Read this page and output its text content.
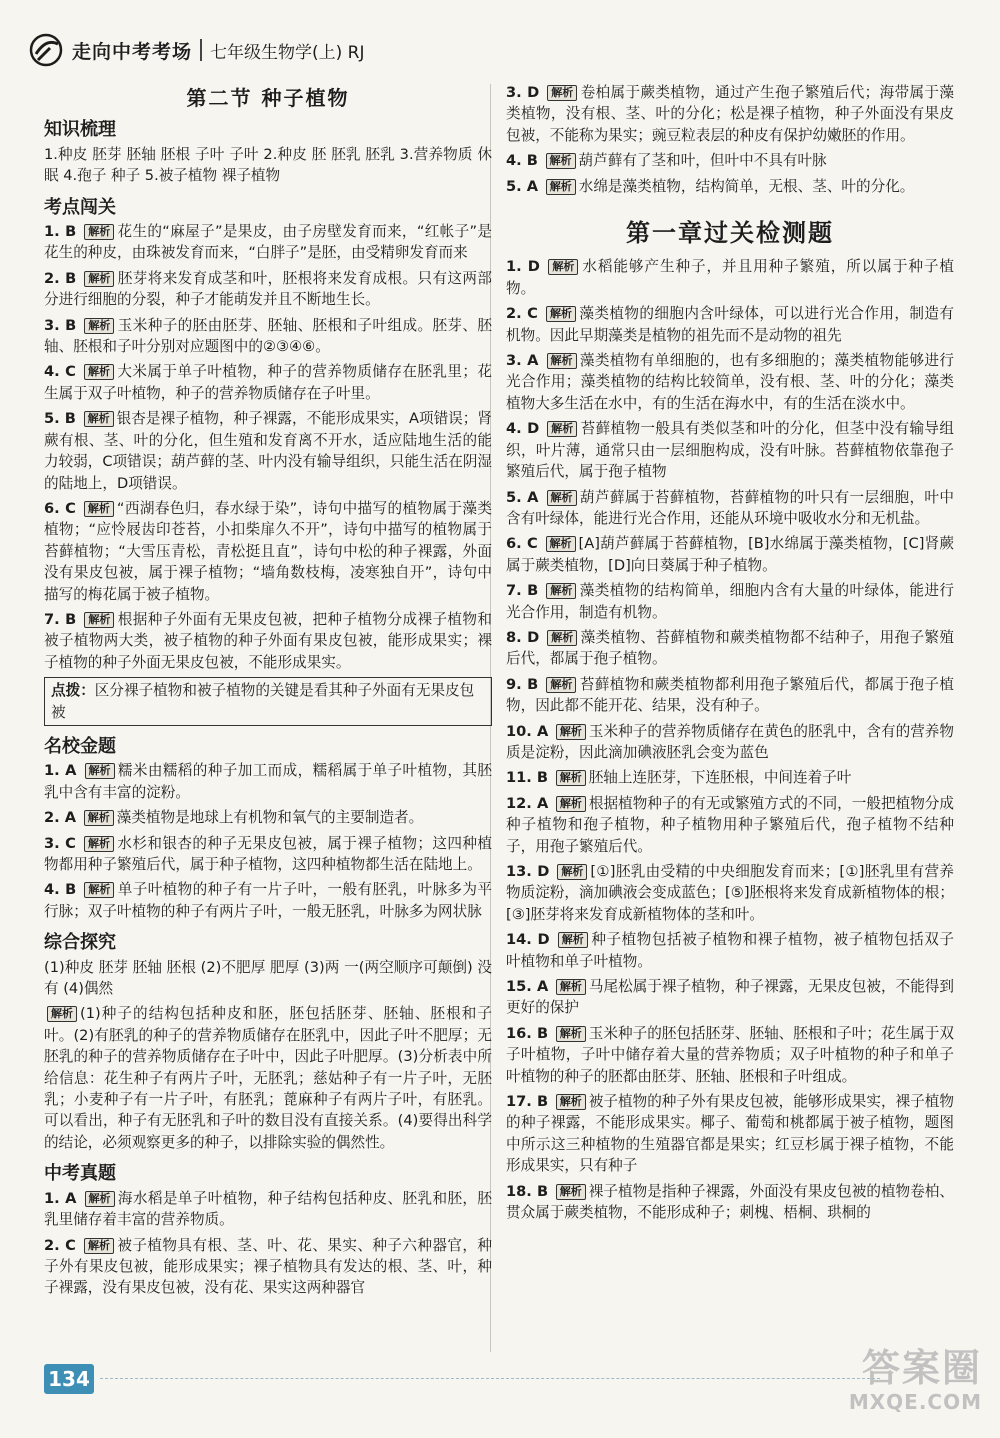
走向中考考场 七年级生物学(上) RJ
第二节 种子植物
知识梳理
1.种皮 胚芽 胚轴 胚根 子叶 子叶 2.种皮 胚 胚乳 胚乳 3.营养物质 休眠 4.孢子 种子 5.被子植物 裸子植物
考点闯关
1. B 解析 花生的“麻屋子”是果皮，由子房壁发育而来，“红帐子”是花生的种皮，由珠被发育而来，“白胖子”是胚，由受精卵发育而来
2. B 解析 胚芽将来发育成茎和叶，胚根将来发育成根。只有这两部分进行细胞的分裂，种子才能萌发并且不断地生长。
3. B 解析 玉米种子的胚由胚芽、胚轴、胚根和子叶组成。胚芽、胚轴、胚根和子叶分别对应题图中的②③④⑥。
4. C 解析 大米属于单子叶植物，种子的营养物质储存在胚乳里；花生属于双子叶植物，种子的营养物质储存在子叶里。
5. B 解析 银杏是裸子植物，种子裸露，不能形成果实，A项错误；肾蕨有根、茎、叶的分化，但生殖和发育离不开水，适应陆地生活的能力较弱，C项错误；葫芦藓的茎、叶内没有输导组织，只能生活在阴湿的陆地上，D项错误。
6. C 解析 “西湖春色归，春水绿于染”，诗句中描写的植物属于藻类植物；“应怜屐齿印苍苔，小扣柴扉久不开”，诗句中描写的植物属于苔藓植物；“大雪压青松，青松挺且直”，诗句中松的种子裸露，外面没有果皮包被，属于裸子植物；“墙角数枝梅，凌寒独自开”，诗句中描写的梅花属于被子植物。
7. B 解析 根据种子外面有无果皮包被，把种子植物分成裸子植物和被子植物两大类，被子植物的种子外面有果皮包被，能形成果实；裸子植物的种子外面无果皮包被，不能形成果实。
点拨：区分裸子植物和被子植物的关键是看其种子外面有无果皮包被
名校金题
1. A 解析 糯米由糯稻的种子加工而成，糯稻属于单子叶植物，其胚乳中含有丰富的淀粉。
2. A 解析 藻类植物是地球上有机物和氧气的主要制造者。
3. C 解析 水杉和银杏的种子无果皮包被，属于裸子植物；这四种植物都用种子繁殖后代，属于种子植物，这四种植物都生活在陆地上。
4. B 解析 单子叶植物的种子有一片子叶，一般有胚乳，叶脉多为平行脉；双子叶植物的种子有两片子叶，一般无胚乳，叶脉多为网状脉
综合探究
(1)种皮 胚芽 胚轴 胚根 (2)不肥厚 肥厚 (3)两 一(两空顺序可颠倒) 没有 (4)偶然
解析 (1)种子的结构包括种皮和胚，胚包括胚芽、胚轴、胚根和子叶。(2)有胚乳的种子的营养物质储存在胚乳中，因此子叶不肥厚；无胚乳的种子的营养物质储存在子叶中，因此子叶肥厚。(3)分析表中所给信息：花生种子有两片子叶，无胚乳；慈姑种子有一片子叶，无胚乳；小麦种子有一片子叶，有胚乳；蓖麻种子有两片子叶，有胚乳。可以看出，种子有无胚乳和子叶的数目没有直接关系。(4)要得出科学的结论，必须观察更多的种子，以排除实验的偶然性。
中考真题
1. A 解析 海水稻是单子叶植物，种子结构包括种皮、胚乳和胚，胚乳里储存着丰富的营养物质。
2. C 解析 被子植物具有根、茎、叶、花、果实、种子六种器官，种子外有果皮包被，能形成果实；裸子植物具有发达的根、茎、叶，种子裸露，没有果皮包被，没有花、果实这两种器官
3. D 解析 卷柏属于蕨类植物，通过产生孢子繁殖后代；海带属于藻类植物，没有根、茎、叶的分化；松是裸子植物，种子外面没有果皮包被，不能称为果实；豌豆粒表层的种皮有保护幼嫩胚的作用。
4. B 解析 葫芦藓有了茎和叶，但叶中不具有叶脉
5. A 解析 水绵是藻类植物，结构简单，无根、茎、叶的分化。
第一章过关检测题
1. D 解析 水稻能够产生种子，并且用种子繁殖，所以属于种子植物。
2. C 解析 藻类植物的细胞内含叶绿体，可以进行光合作用，制造有机物。因此早期藻类是植物的祖先而不是动物的祖先
3. A 解析 藻类植物有单细胞的，也有多细胞的；藻类植物能够进行光合作用；藻类植物的结构比较简单，没有根、茎、叶的分化；藻类植物大多生活在水中，有的生活在海水中，有的生活在淡水中。
4. D 解析 苔藓植物一般具有类似茎和叶的分化，但茎中没有输导组织，叶片薄，通常只由一层细胞构成，没有叶脉。苔藓植物依靠孢子繁殖后代，属于孢子植物
5. A 解析 葫芦藓属于苔藓植物，苔藓植物的叶只有一层细胞，叶中含有叶绿体，能进行光合作用，还能从环境中吸收水分和无机盐。
6. C 解析 [A]葫芦藓属于苔藓植物，[B]水绵属于藻类植物，[C]肾蕨属于蕨类植物，[D]向日葵属于种子植物。
7. B 解析 藻类植物的结构简单，细胞内含有大量的叶绿体，能进行光合作用，制造有机物。
8. D 解析 藻类植物、苔藓植物和蕨类植物都不结种子，用孢子繁殖后代，都属于孢子植物。
9. B 解析 苔藓植物和蕨类植物都利用孢子繁殖后代，都属于孢子植物，因此都不能开花、结果，没有种子。
10. A 解析 玉米种子的营养物质储存在黄色的胚乳中，含有的营养物质是淀粉，因此滴加碘液胚乳会变为蓝色
11. B 解析 胚轴上连胚芽，下连胚根，中间连着子叶
12. A 解析 根据植物种子的有无或繁殖方式的不同，一般把植物分成种子植物和孢子植物，种子植物用种子繁殖后代，孢子植物不结种子，用孢子繁殖后代。
13. D 解析 [①]胚乳由受精的中央细胞发育而来；[①]胚乳里有营养物质淀粉，滴加碘液会变成蓝色；[⑤]胚根将来发育成新植物体的根；[③]胚芽将来发育成新植物体的茎和叶。
14. D 解析 种子植物包括被子植物和裸子植物，被子植物包括双子叶植物和单子叶植物。
15. A 解析 马尾松属于裸子植物，种子裸露，无果皮包被，不能得到更好的保护
16. B 解析 玉米种子的胚包括胚芽、胚轴、胚根和子叶；花生属于双子叶植物，子叶中储存着大量的营养物质；双子叶植物的种子和单子叶植物的种子的胚都由胚芽、胚轴、胚根和子叶组成。
17. B 解析 被子植物的种子外有果皮包被，能够形成果实，裸子植物的种子裸露，不能形成果实。椰子、葡萄和桃都属于被子植物，题图中所示这三种植物的生殖器官都是果实；红豆杉属于裸子植物，不能形成果实，只有种子
18. B 解析 裸子植物是指种子裸露，外面没有果皮包被的植物卷柏、贯众属于蕨类植物，不能形成种子；刺槐、梧桐、珙桐的
134	答案圈
MXQE.COM
